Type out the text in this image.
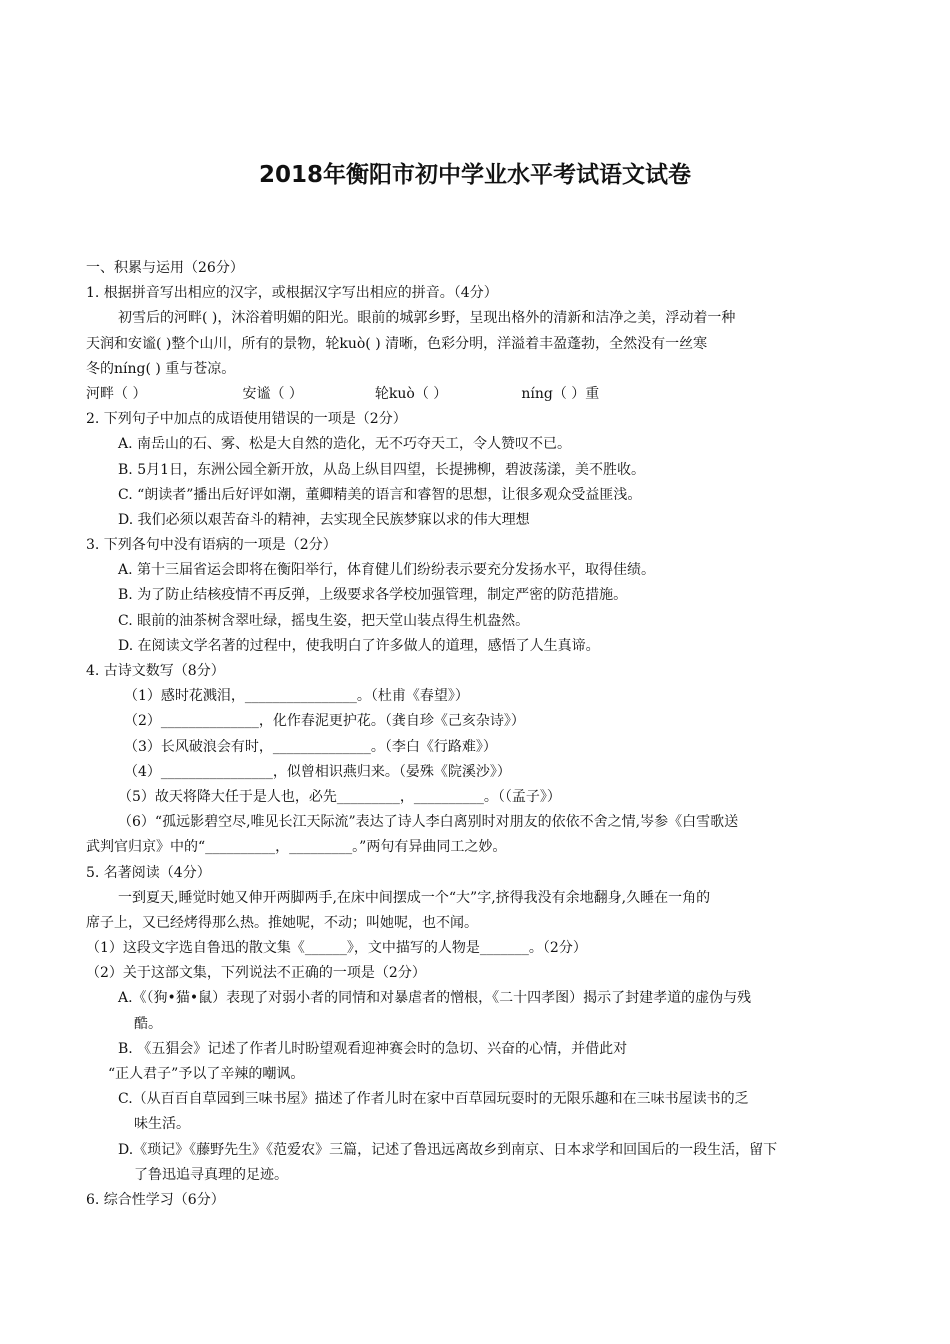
2018年衡阳市初中学业水平考试语文试卷
一、积累与运用（26分）
1. 根据拼音写出相应的汉字，或根据汉字写出相应的拼音。（4分）
初雪后的河畔( )，沐浴着明媚的阳光。眼前的城郭乡野，呈现出格外的清新和洁净之美，浮动着一种
天润和安谧( )整个山川，所有的景物，轮kuò( ) 清晰，色彩分明，洋溢着丰盈蓬勃，全然没有一丝寒
冬的níng( ) 重与苍凉。
河畔（ ）	安谧（ ）	轮kuò（ ）	níng（ ）重
2. 下列句子中加点的成语使用错误的一项是（2分）
A. 南岳山的石、雾、松是大自然的造化，无不巧夺天工，令人赞叹不已。
B. 5月1日，东洲公园全新开放，从岛上纵目四望，长提拂柳，碧波荡漾，美不胜收。
C. “朗读者”播出后好评如潮，董卿精美的语言和睿智的思想，让很多观众受益匪浅。
D. 我们必须以艰苦奋斗的精神，去实现全民族梦寐以求的伟大理想
3. 下列各句中没有语病的一项是（2分）
A. 第十三届省运会即将在衡阳举行，体育健儿们纷纷表示要充分发扬水平，取得佳绩。
B. 为了防止结核疫情不再反弹，上级要求各学校加强管理，制定严密的防范措施。
C. 眼前的油茶树含翠吐绿，摇曳生姿，把天堂山装点得生机盎然。
D. 在阅读文学名著的过程中，使我明白了许多做人的道理，感悟了人生真谛。
4. 古诗文数写（8分）
（1）感时花溅泪，________________。（杜甫《春望》）
（2）______________，化作春泥更护花。（龚自珍《己亥杂诗》）
（3）长风破浪会有时，______________。（李白《行路难》）
（4）________________，似曾相识燕归来。（晏殊《院溪沙》）
（5）故天将降大任于是人也，必先_________，__________。（（孟子》）
（6）“孤远影碧空尽,唯见长江天际流”表达了诗人李白离别时对朋友的依依不舍之情,岑参《白雪歌送
武判官归京》中的“__________，_________。”两句有异曲同工之妙。
5. 名著阅读（4分）
一到夏天,睡觉时她又伸开两脚两手,在床中间摆成一个“大”字,挤得我没有余地翻身,久睡在一角的
席子上，又已经烤得那么热。推她呢，不动；叫她呢，也不闻。
（1）这段文字选自鲁迅的散文集《______》，文中描写的人物是_______。（2分）
（2）关于这部文集，下列说法不正确的一项是（2分）
A.《（狗•猫•鼠）表现了对弱小者的同情和对暴虐者的憎根，《二十四孝图）揭示了封建孝道的虚伪与残
酷。
B. 《五猖会》记述了作者儿时盼望观看迎神赛会时的急切、兴奋的心情，并借此对
“正人君子”予以了辛辣的嘲讽。
C.（从百百自草园到三味书屋》描述了作者儿时在家中百草园玩耍时的无限乐趣和在三味书屋读书的乏
味生活。
D.《琐记》《藤野先生》《范爱农》三篇，记述了鲁迅远离故乡到南京、日本求学和回国后的一段生活，留下
了鲁迅追寻真理的足迹。
6. 综合性学习（6分）
